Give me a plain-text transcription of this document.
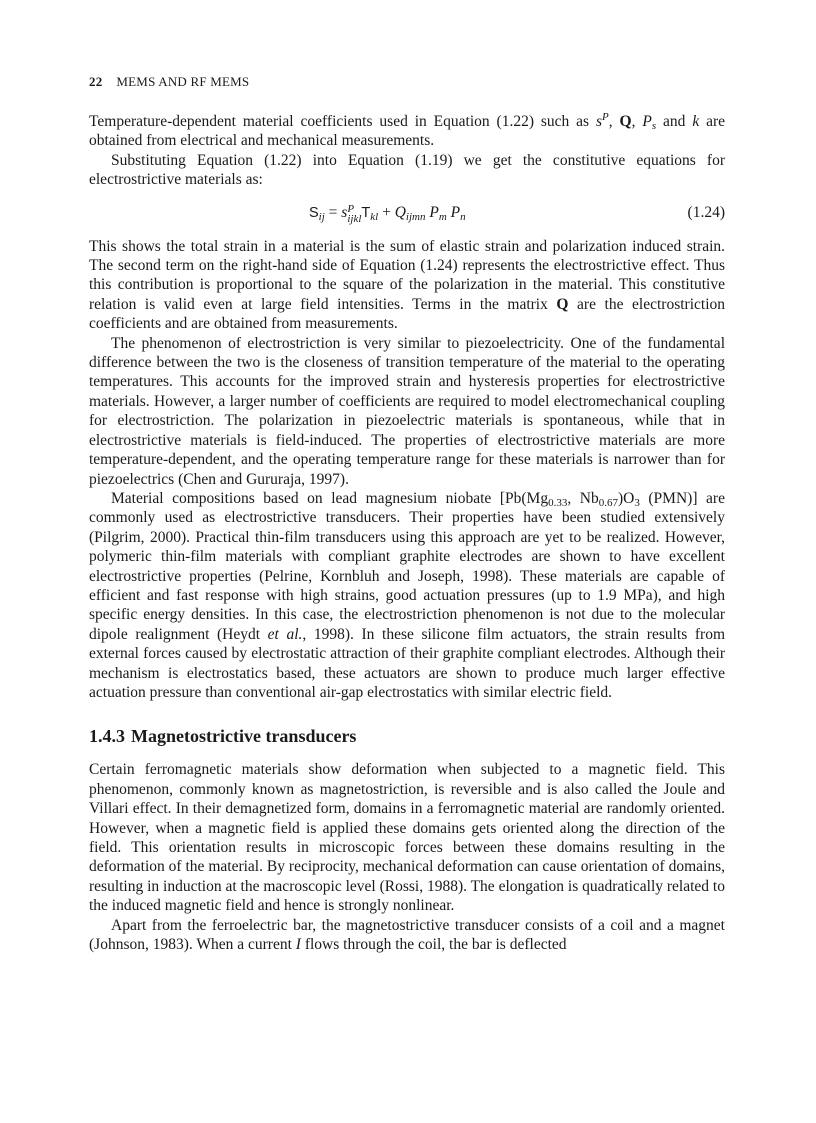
22 MEMS AND RF MEMS

Temperature-dependent material coefficients used in Equation (1.22) such as $s^P$, Q, $P_s$ and k are obtained from electrical and mechanical measurements.

Substituting Equation (1.22) into Equation (1.19) we get the constitutive equations for electrostrictive materials as:

Sij = s P
ijkl Tkl + Qijmn Pm Pn	(1.24)

This shows the total strain in a material is the sum of elastic strain and polarization induced strain. The second term on the right-hand side of Equation (1.24) represents the electrostrictive effect. Thus this contribution is proportional to the square of the polarization in the material. This constitutive relation is valid even at large field intensities. Terms in the matrix Q are the electrostriction coefficients and are obtained from measurements.

The phenomenon of electrostriction is very similar to piezoelectricity. One of the fundamental difference between the two is the closeness of transition temperature of the material to the operating temperatures. This accounts for the improved strain and hysteresis properties for electrostrictive materials. However, a larger number of coefficients are required to model electromechanical coupling for electrostriction. The polarization in piezoelectric materials is spontaneous, while that in electrostrictive materials is field-induced. The properties of electrostrictive materials are more temperature-dependent, and the operating temperature range for these materials is narrower than for piezoelectrics (Chen and Gururaja, 1997).

Material compositions based on lead magnesium niobate [$Pb(Mg_{0.33}$, $Nb_{0.67})O_3$ (PMN)] are commonly used as electrostrictive transducers. Their properties have been studied extensively (Pilgrim, 2000). Practical thin-film transducers using this approach are yet to be realized. However, polymeric thin-film materials with compliant graphite electrodes are shown to have excellent electrostrictive properties (Pelrine, Kornbluh and Joseph, 1998). These materials are capable of efficient and fast response with high strains, good actuation pressures (up to 1.9 MPa), and high specific energy densities. In this case, the electrostriction phenomenon is not due to the molecular dipole realignment (Heydt et al., 1998). In these silicone film actuators, the strain results from external forces caused by electrostatic attraction of their graphite compliant electrodes. Although their mechanism is electrostatics based, these actuators are shown to produce much larger effective actuation pressure than conventional air-gap electrostatics with similar electric field.

1.4.3 Magnetostrictive transducers

Certain ferromagnetic materials show deformation when subjected to a magnetic field. This phenomenon, commonly known as magnetostriction, is reversible and is also called the Joule and Villari effect. In their demagnetized form, domains in a ferromagnetic material are randomly oriented. However, when a magnetic field is applied these domains gets oriented along the direction of the field. This orientation results in microscopic forces between these domains resulting in the deformation of the material. By reciprocity, mechanical deformation can cause orientation of domains, resulting in induction at the macroscopic level (Rossi, 1988). The elongation is quadratically related to the induced magnetic field and hence is strongly nonlinear.

Apart from the ferroelectric bar, the magnetostrictive transducer consists of a coil and a magnet (Johnson, 1983). When a current I flows through the coil, the bar is deflected
